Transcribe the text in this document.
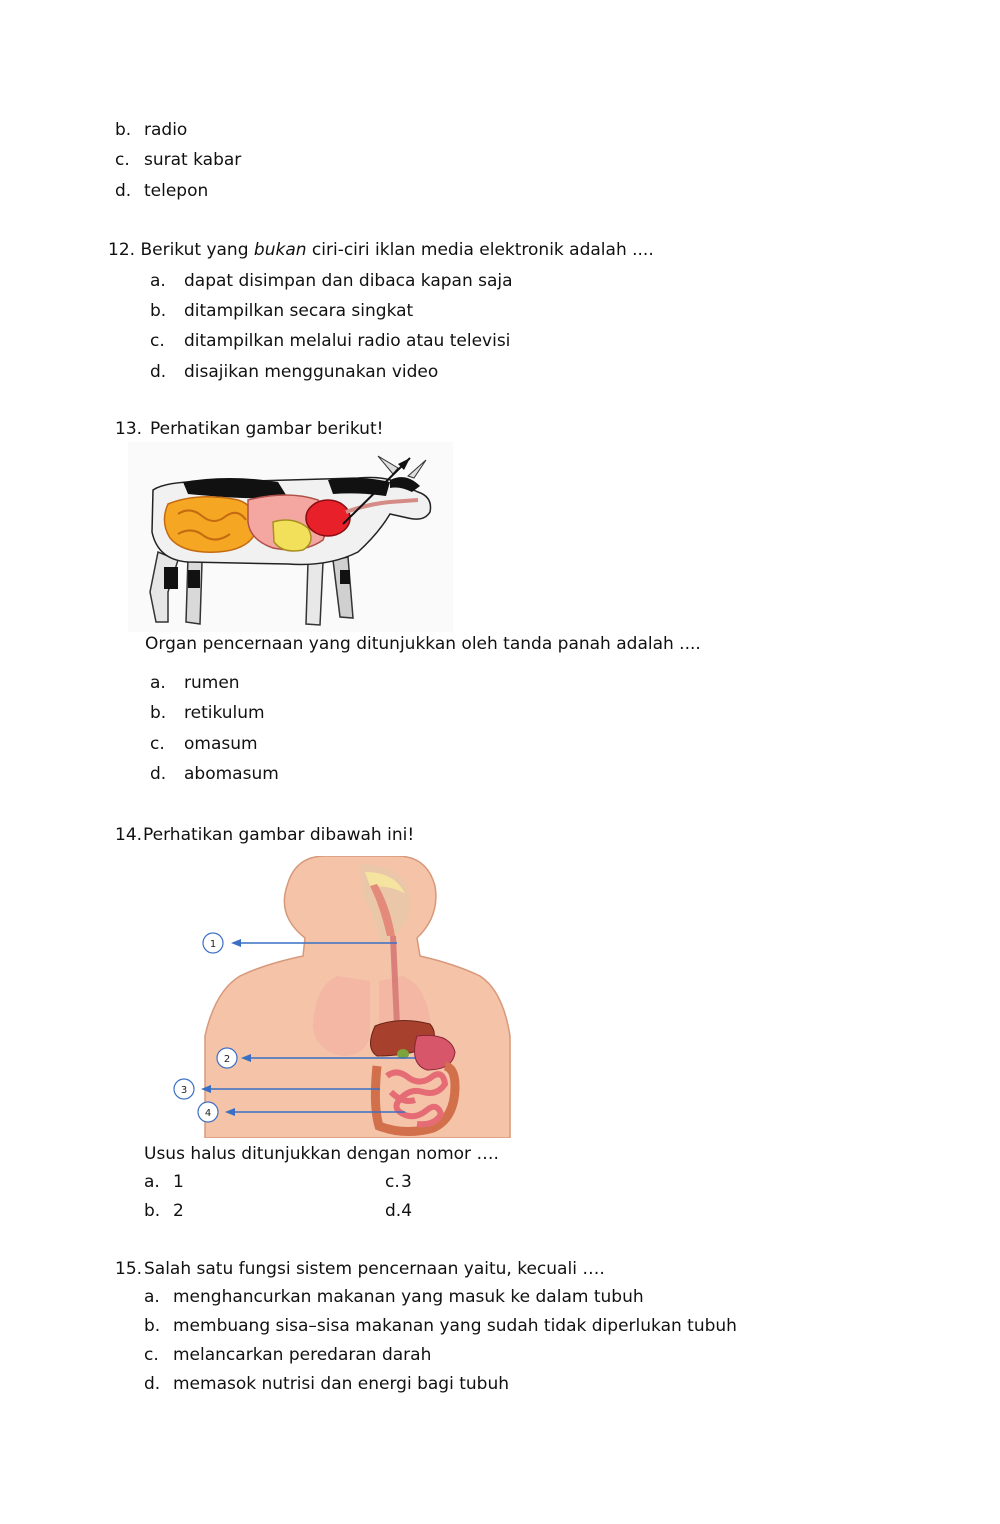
b. radio
c. surat kabar
d. telepon
12. Berikut yang bukan ciri-ciri iklan media elektronik adalah ....
a. dapat disimpan dan dibaca kapan saja
b. ditampilkan secara singkat
c. ditampilkan melalui radio atau televisi
d. disajikan menggunakan video
13. Perhatikan gambar berikut!
Organ pencernaan yang ditunjukkan oleh tanda panah adalah ....
a. rumen
b. retikulum
c. omasum
d. abomasum
14.Perhatikan gambar dibawah ini!
1
2
3
4
Usus halus ditunjukkan dengan nomor ….
a. 1
b. 2
c.3
d.4
15. Salah satu fungsi sistem pencernaan yaitu, kecuali ….
a. menghancurkan makanan yang masuk ke dalam tubuh
b. membuang sisa–sisa makanan yang sudah tidak diperlukan tubuh
c. melancarkan peredaran darah
d. memasok nutrisi dan energi bagi tubuh
